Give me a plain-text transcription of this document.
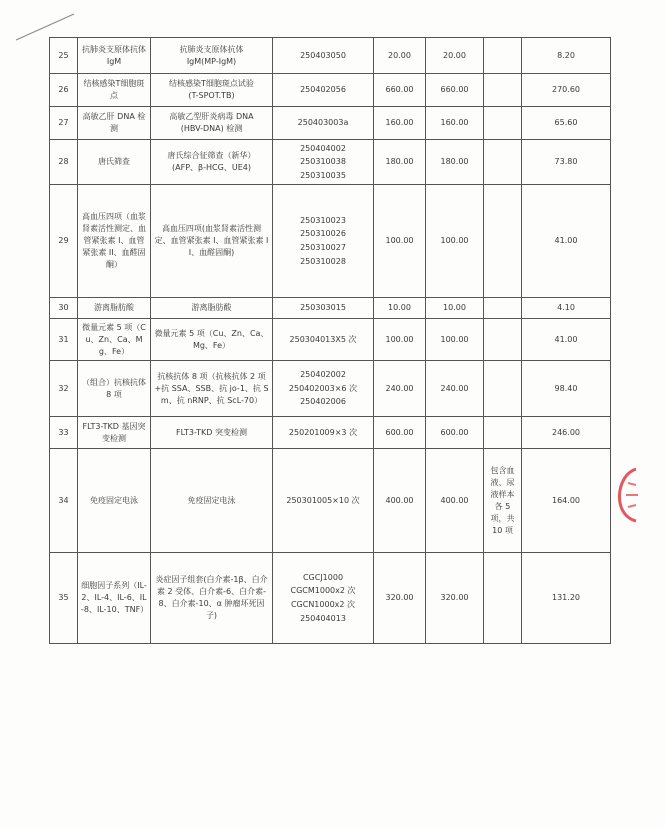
25	抗肺炎支原体抗体 IgM	抗肺炎支原体抗体
IgM(MP-IgM)	250403050	20.00	20.00		8.20
26	结核感染T细胞斑点	结核感染T细胞斑点试验
(T-SPOT.TB)	250402056	660.00	660.00		270.60
27	高敏乙肝 DNA 检测	高敏乙型肝炎病毒 DNA
(HBV-DNA) 检测	250403003a	160.00	160.00		65.60
28	唐氏筛查	唐氏综合征筛查（新华）
(AFP、β-HCG、UE4)	250404002
250310038
250310035	180.00	180.00		73.80
29	高血压四项（血浆肾素活性测定、血管紧张素 I、血管紧张素 II、血醛固酮）	高血压四项(血浆肾素活性测定、血管紧张素 I、血管紧张素 II、血醛固酮)	250310023
250310026
250310027
250310028	100.00	100.00		41.00
30	游离脂肪酸	游离脂肪酸	250303015	10.00	10.00		4.10
31	微量元素 5 项（Cu、Zn、Ca、Mg、Fe）	微量元素 5 项（Cu、Zn、Ca、Mg、Fe）	250304013X5 次	100.00	100.00		41.00
32	（组合）抗核抗体 8 项	抗核抗体 8 项（抗核抗体 2 项+抗 SSA、SSB、抗 jo-1、抗 Sm、抗 nRNP、抗 ScL-70）	250402002
250402003×6 次
250402006	240.00	240.00		98.40
33	FLT3-TKD 基因突变检测	FLT3-TKD 突变检测	250201009×3 次	600.00	600.00		246.00
34	免疫固定电泳	免疫固定电泳	250301005×10 次	400.00	400.00	包含血液、尿液样本各 5 项，共 10 项	164.00
35	细胞因子系列（IL-2、IL-4、IL-6、IL-8、IL-10、TNF）	炎症因子组套(白介素-1β、白介素 2 受体、白介素-6、白介素-8、白介素-10、α 肿瘤坏死因子)	CGCJ1000
CGCM1000x2 次
CGCN1000x2 次
250404013	320.00	320.00		131.20
